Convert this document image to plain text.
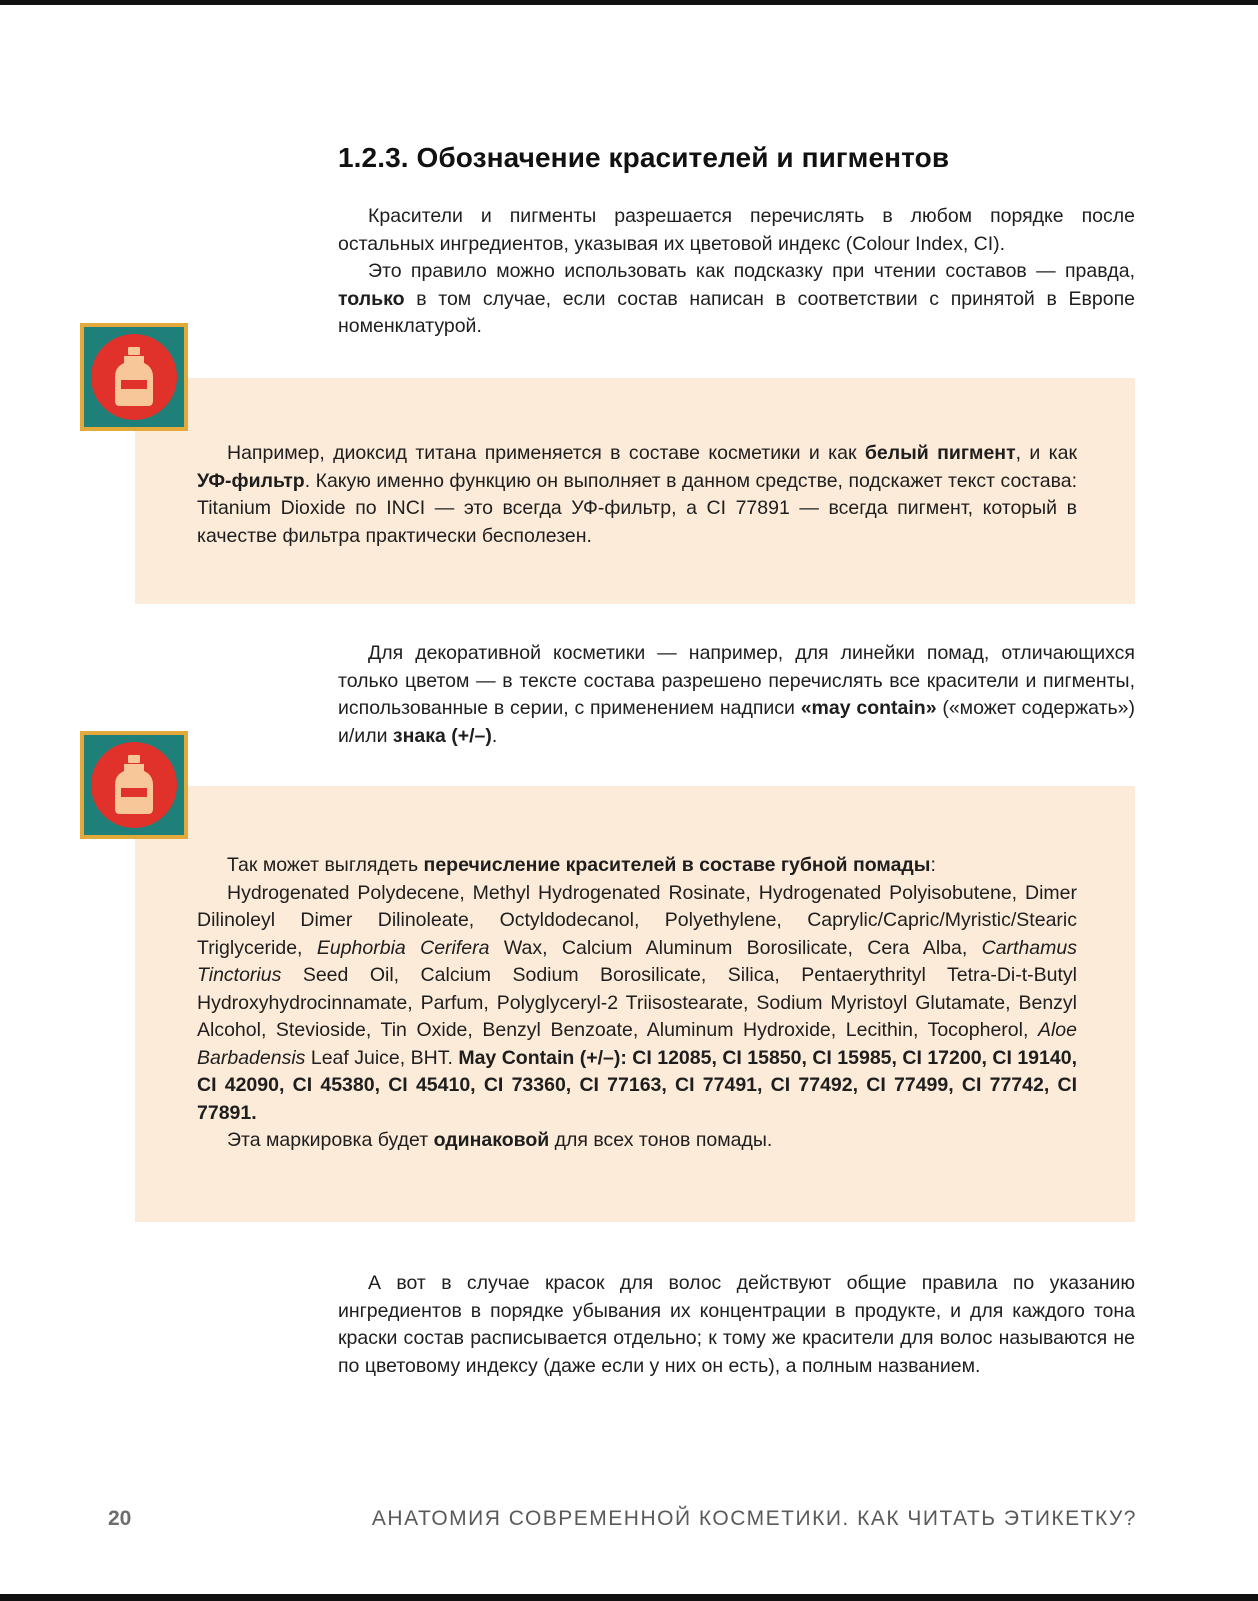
1.2.3. Обозначение красителей и пигментов

Красители и пигменты разрешается перечислять в любом порядке после остальных ингредиентов, указывая их цветовой индекс (Colour Index, CI).

Это правило можно использовать как подсказку при чтении составов — правда, только в том случае, если состав написан в соответствии с принятой в Европе номенклатурой.

Например, диоксид титана применяется в составе косметики и как белый пигмент, и как УФ-фильтр. Какую именно функцию он выполняет в данном средстве, подскажет текст состава: Titanium Dioxide по INCI — это всегда УФ-фильтр, а CI 77891 — всегда пигмент, который в качестве фильтра практически бесполезен.

Для декоративной косметики — например, для линейки помад, отличающихся только цветом — в тексте состава разрешено перечислять все красители и пигменты, использованные в серии, с применением надписи «may contain» («может содержать») и/или знака (+/–).

Так может выглядеть перечисление красителей в составе губной помады:

Hydrogenated Polydecene, Methyl Hydrogenated Rosinate, Hydrogenated Polyisobutene, Dimer Dilinoleyl Dimer Dilinoleate, Octyldodecanol, Polyethylene, Caprylic/Capric/Myristic/Stearic Triglyceride, Euphorbia Cerifera Wax, Calcium Aluminum Borosilicate, Cera Alba, Carthamus Tinctorius Seed Oil, Calcium Sodium Borosilicate, Silica, Pentaerythrityl Tetra-Di-t-Butyl Hydroxyhydrocinnamate, Parfum, Polyglyceryl-2 Triisostearate, Sodium Myristoyl Glutamate, Benzyl Alcohol, Stevioside, Tin Oxide, Benzyl Benzoate, Aluminum Hydroxide, Lecithin, Tocopherol, Aloe Barbadensis Leaf Juice, BHT. May Contain (+/–): CI 12085, CI 15850, CI 15985, CI 17200, CI 19140, CI 42090, CI 45380, CI 45410, CI 73360, CI 77163, CI 77491, CI 77492, CI 77499, CI 77742, CI 77891.

Эта маркировка будет одинаковой для всех тонов помады.

А вот в случае красок для волос действуют общие правила по указанию ингредиентов в порядке убывания их концентрации в продукте, и для каждого тона краски состав расписывается отдельно; к тому же красители для волос называются не по цветовому индексу (даже если у них он есть), а полным названием.

20	АНАТОМИЯ СОВРЕМЕННОЙ КОСМЕТИКИ. КАК ЧИТАТЬ ЭТИКЕТКУ?
